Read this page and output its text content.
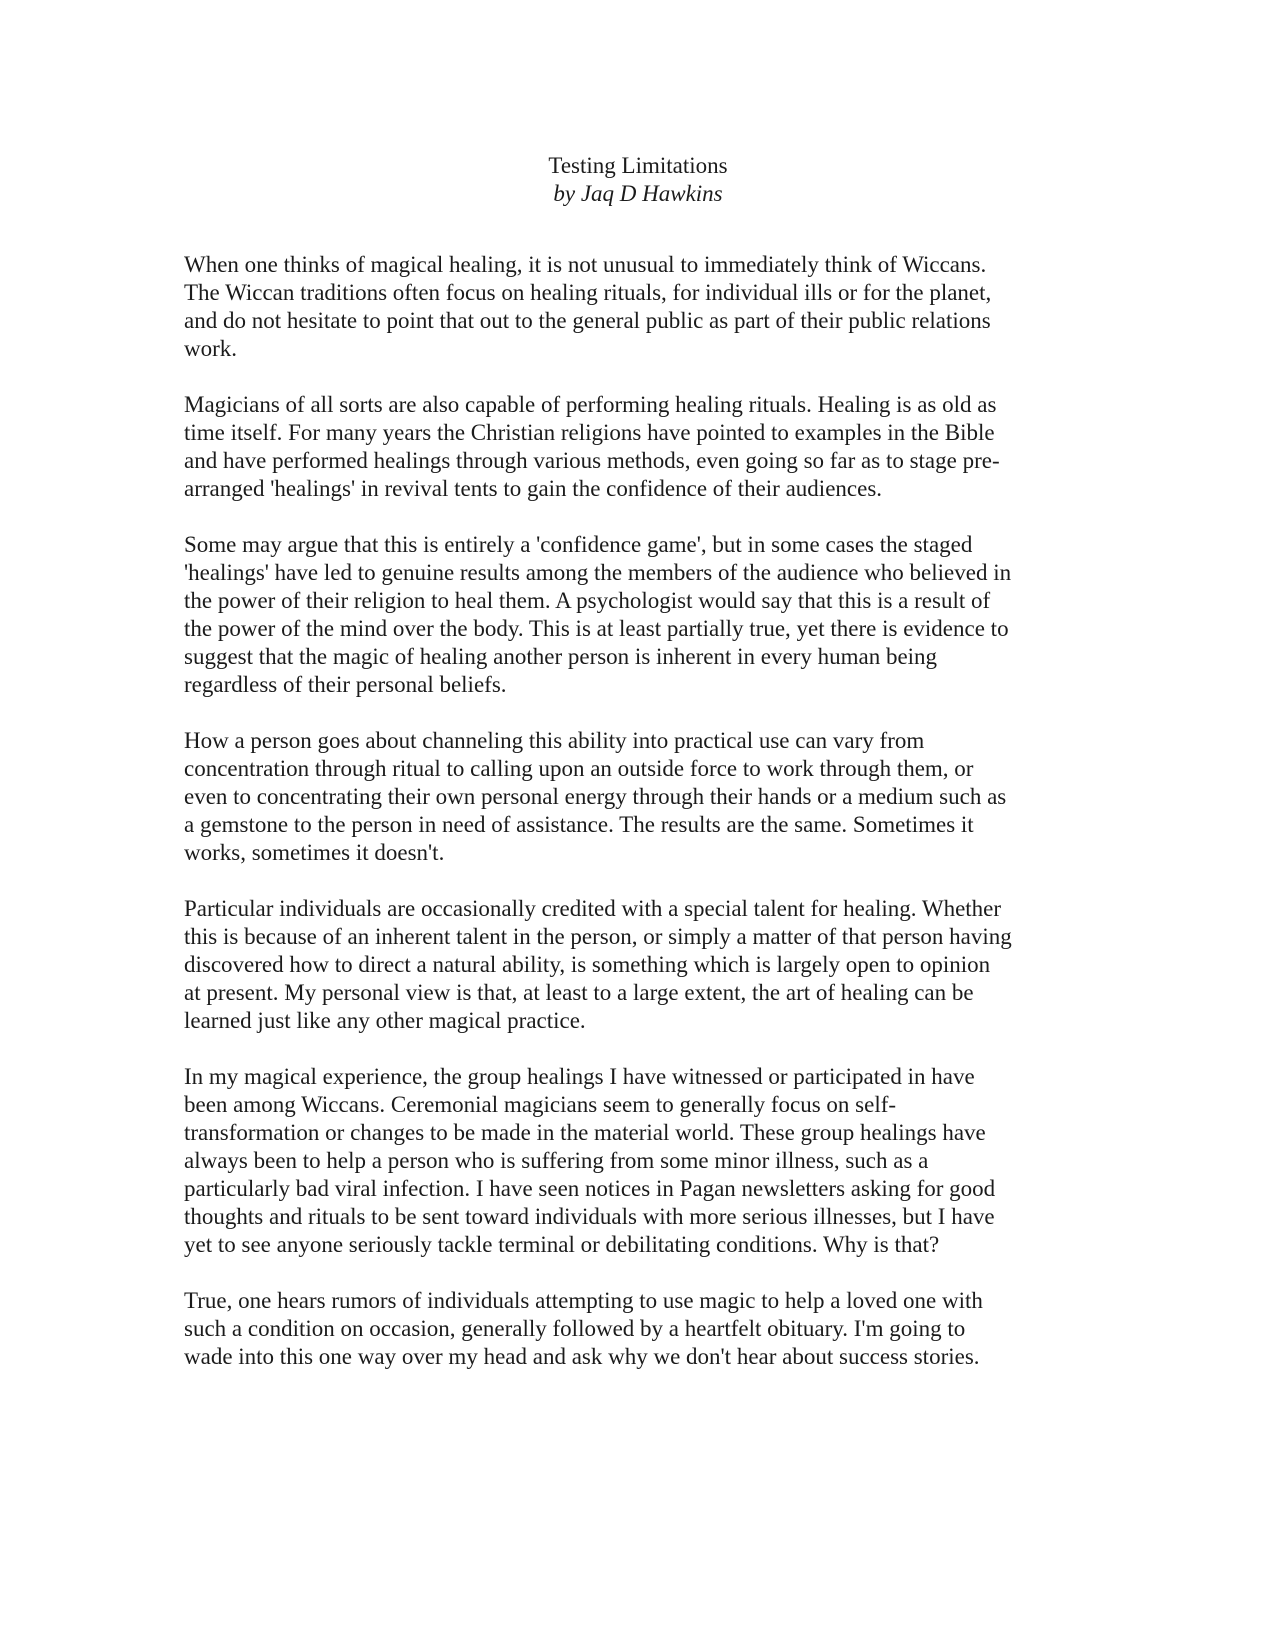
Testing Limitations
by Jaq D Hawkins

When one thinks of magical healing, it is not unusual to immediately think of Wiccans.
The Wiccan traditions often focus on healing rituals, for individual ills or for the planet,
and do not hesitate to point that out to the general public as part of their public relations
work.

Magicians of all sorts are also capable of performing healing rituals. Healing is as old as
time itself. For many years the Christian religions have pointed to examples in the Bible
and have performed healings through various methods, even going so far as to stage pre-
arranged 'healings' in revival tents to gain the confidence of their audiences.

Some may argue that this is entirely a 'confidence game', but in some cases the staged
'healings' have led to genuine results among the members of the audience who believed in
the power of their religion to heal them. A psychologist would say that this is a result of
the power of the mind over the body. This is at least partially true, yet there is evidence to
suggest that the magic of healing another person is inherent in every human being
regardless of their personal beliefs.

How a person goes about channeling this ability into practical use can vary from
concentration through ritual to calling upon an outside force to work through them, or
even to concentrating their own personal energy through their hands or a medium such as
a gemstone to the person in need of assistance. The results are the same. Sometimes it
works, sometimes it doesn't.

Particular individuals are occasionally credited with a special talent for healing. Whether
this is because of an inherent talent in the person, or simply a matter of that person having
discovered how to direct a natural ability, is something which is largely open to opinion
at present. My personal view is that, at least to a large extent, the art of healing can be
learned just like any other magical practice.

In my magical experience, the group healings I have witnessed or participated in have
been among Wiccans. Ceremonial magicians seem to generally focus on self-
transformation or changes to be made in the material world. These group healings have
always been to help a person who is suffering from some minor illness, such as a
particularly bad viral infection. I have seen notices in Pagan newsletters asking for good
thoughts and rituals to be sent toward individuals with more serious illnesses, but I have
yet to see anyone seriously tackle terminal or debilitating conditions. Why is that?

True, one hears rumors of individuals attempting to use magic to help a loved one with
such a condition on occasion, generally followed by a heartfelt obituary. I'm going to
wade into this one way over my head and ask why we don't hear about success stories.
